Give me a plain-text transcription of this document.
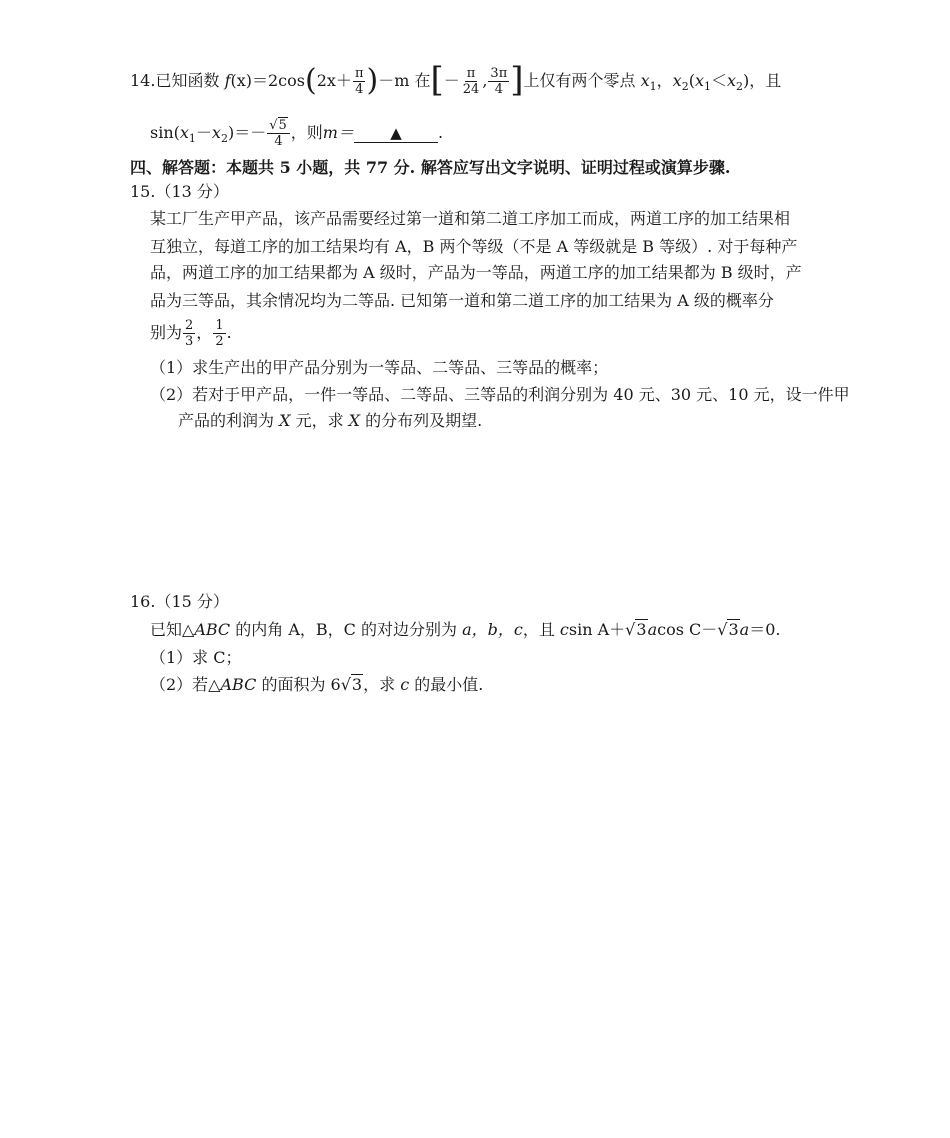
14.已知函数 $f(x)=2\cos(2x+ \frac{\pi}{4} )-m$ 在[－ $\frac{\pi}{24}$ , $\frac{3\pi}{4}$ ]上仅有两个零点 $x_1$，$x_2(x_1<x_2)$，且
$\sin(x_1-x_2)=- \frac{√5}{4}$ ，则m＝ ▲ .
四、解答题：本题共 5 小题，共 77 分. 解答应写出文字说明、证明过程或演算步骤.
15.（13 分）
某工厂生产甲产品，该产品需要经过第一道和第二道工序加工而成，两道工序的加工结果相
互独立，每道工序的加工结果均有 A，B 两个等级（不是 A 等级就是 B 等级）. 对于每种产
品，两道工序的加工结果都为 A 级时，产品为一等品，两道工序的加工结果都为 B 级时，产
品为三等品，其余情况均为二等品. 已知第一道和第二道工序的加工结果为 A 级的概率分
别为 $\frac{2}{3}$ ， $\frac{1}{2}$ .
（1）求生产出的甲产品分别为一等品、二等品、三等品的概率；
（2）若对于甲产品，一件一等品、二等品、三等品的利润分别为 40 元、30 元、10 元，设一件甲
产品的利润为 X 元，求 X 的分布列及期望.
16.（15 分）
已知△ABC 的内角 A，B，C 的对边分别为 a，b，c，且 csin A＋√3acos C－√3a＝0.
（1）求 C；
（2）若△ABC 的面积为 6√3，求 c 的最小值.
